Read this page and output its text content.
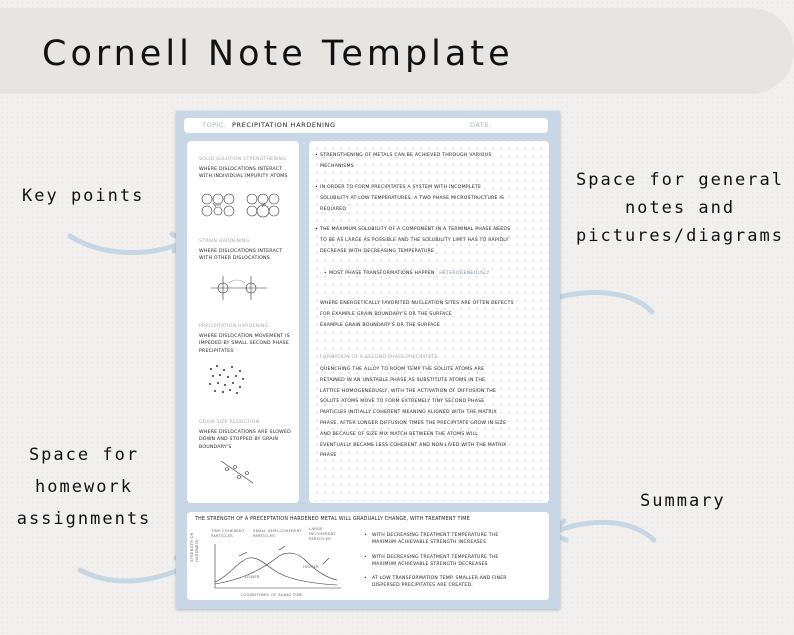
Cornell Note Template
Key points
Space for general
notes and
pictures/diagrams
Space for
homework
assignments
Summary
TOPIC: PRECIPITATION HARDENING	DATE:
SOLID SOLUTION STRENGTHENING
WHERE DISLOCATIONS INTERACT WITH INDIVIDUAL IMPURITY ATOMS
STRAIN HARDENING
WHERE DISLOCATIONS INTERACT WITH OTHER DISLOCATIONS
PRECIPITATION HARDENING
WHERE DISLOCATION MOVEMENT IS IMPEDED BY SMALL SECOND PHASE PRECIPITATES
GRAIN SIZE REDUCTION
WHERE DISLOCATIONS ARE SLOWED DOWN AND STOPPED BY GRAIN BOUNDARY'S
• STRENGTHENING OF METALS CAN BE ACHIEVED THROUGH VARIOUS
MECHANISMS
• IN ORDER TO FORM PRECIPITATES A SYSTEM WITH INCOMPLETE
SOLUBILITY AT LOW TEMPERATURES. A TWO PHASE MICROSTRUCTURE IS
REQUIRED
• THE MAXIMUM SOLUBILITY OF A COMPONENT IN A TERMINAL PHASE NEEDS
TO BE AS LARGE AS POSSIBLE AND THE SOLUBILITY LIMIT HAS TO RAPIDLY
DECREASE WITH DECREASING TEMPERATURE
• MOST PHASE TRANSFORMATIONS HAPPEN HETEROGENEOUSLY
WHERE ENERGETICALLY FAVORITED NUCLEATION SITES ARE OFTEN DEFECTS
FOR EXAMPLE GRAIN BOUNDARY'S OR THE SURFACE
EXAMPLE GRAIN BOUNDARY'S OR THE SURFACE
FORMATION OF A SECOND PHASE PRECIPITATE
QUENCHING THE ALLOY TO ROOM TEMP THE SOLUTE ATOMS ARE
RETAINED IN AN UNSTABLE PHASE AS SUBSTITUTE ATOMS IN THE
LATTICE HOMOGENEOUSLY, WITH THE ACTIVATION OF DIFFUSION THE
SOLUTE ATOMS MOVE TO FORM EXTREMELY TINY SECOND PHASE
PARTICLES INITIALLY COHERENT MEANING ALIGNED WITH THE MATRIX
PHASE, AFTER LONGER DIFFUSION TIMES THE PRECIPITATE GROW IN SIZE
AND BECAUSE OF SIZE MIX MATCH BETWEEN THE ATOMS WILL
EVENTUALLY BECAME LESS COHERENT AND NON LIVED WITH THE MATRIX
PHASE
THE STRENGTH OF A PRECEPTATION HARDENED METAL WILL GRADUALLY CHANGE, WITH TREATMENT TIME
TINY COHERENT PARTICLES
SMALL SEMI-COHERENT PARTICLES
LARGE INCOHERENT PARTICLES
LOWER
HIGHER
STRENGTH OR HARDNESS
LOGARITHMIC OF AGING TIME
• WITH DECREASING TREATMENT TEMPERATURE THE MAXIMUM ACHIEVABLE STRENGTH INCREASES
• WITH DECREASING TREATMENT TEMPERATURE THE MAXIMUM ACHIEVABLE STRENGTH DECREASES
• AT LOW TRANSFORMATION TEMP. SMALLER AND FINER DISPERSED PRECIPITATES ARE CREATED.
